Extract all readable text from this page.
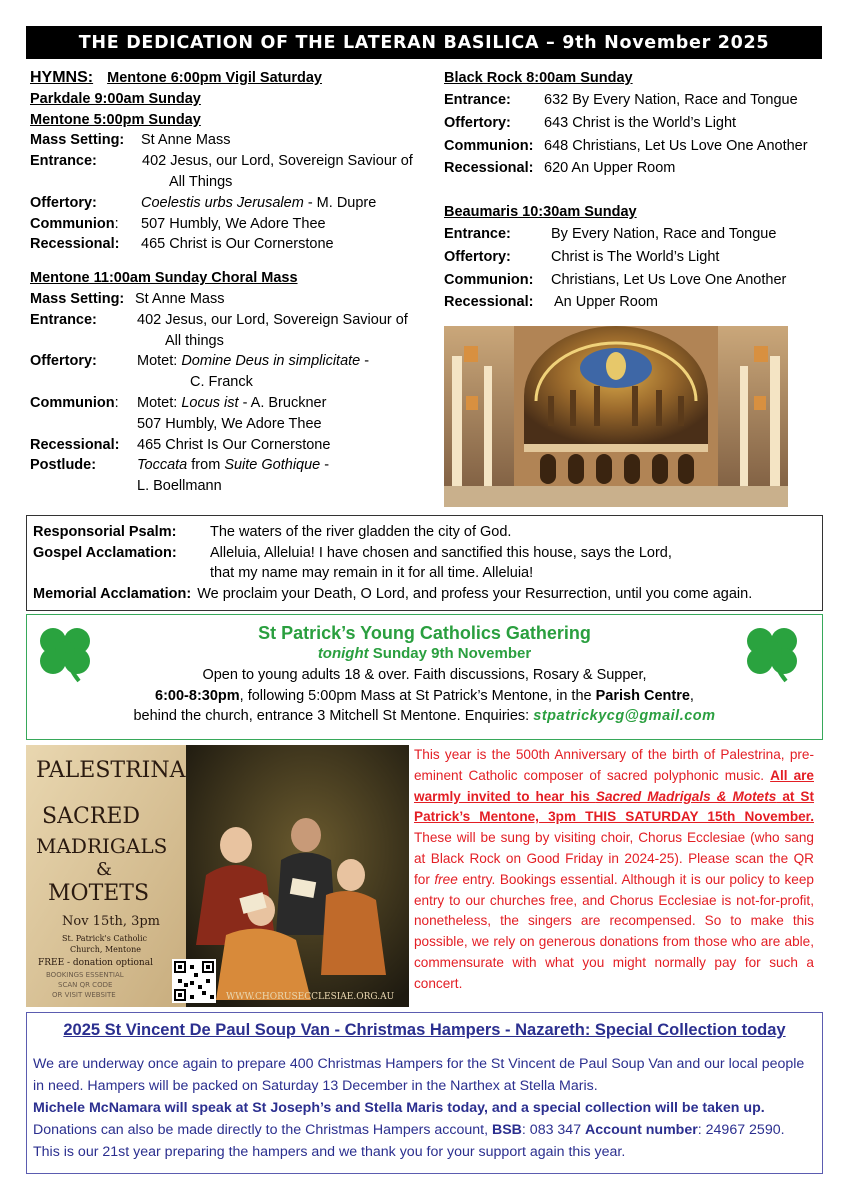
THE DEDICATION OF THE LATERAN BASILICA – 9th November 2025
HYMNS: Mentone 6:00pm Vigil Saturday
Parkdale 9:00am Sunday
Mentone 5:00pm Sunday
Mass Setting:	St Anne Mass
Entrance:	402 Jesus, our Lord, Sovereign Saviour of
All Things
Offertory:	Coelestis urbs Jerusalem - M. Dupre
Communion:	507 Humbly, We Adore Thee
Recessional:	465 Christ is Our Cornerstone
Mentone 11:00am Sunday Choral Mass
Mass Setting: St Anne Mass
Entrance:	402 Jesus, our Lord, Sovereign Saviour of
All things
Offertory:	Motet: Domine Deus in simplicitate -
C. Franck
Communion:	Motet: Locus ist - A. Bruckner
507 Humbly, We Adore Thee
Recessional:	465 Christ Is Our Cornerstone
Postlude:	Toccata from Suite Gothique -
L. Boellmann
Black Rock 8:00am Sunday
Entrance:	632 By Every Nation, Race and Tongue
Offertory:	643 Christ is the World’s Light
Communion: 648 Christians, Let Us Love One Another
Recessional: 620 An Upper Room
Beaumaris 10:30am Sunday
Entrance:	By Every Nation, Race and Tongue
Offertory:	Christ is The World’s Light
Communion:	Christians, Let Us Love One Another
Recessional:	An Upper Room
Responsorial Psalm:	The waters of the river gladden the city of God.
Gospel Acclamation:	Alleluia, Alleluia! I have chosen and sanctified this house, says the Lord,
that my name may remain in it for all time. Alleluia!
Memorial Acclamation: We proclaim your Death, O Lord, and profess your Resurrection, until you come again.
St Patrick’s Young Catholics Gathering
tonight Sunday 9th November
Open to young adults 18 & over. Faith discussions, Rosary & Supper,
6:00-8:30pm, following 5:00pm Mass at St Patrick’s Mentone, in the Parish Centre,
behind the church, entrance 3 Mitchell St Mentone. Enquiries: stpatrickycg@gmail.com
PALESTRINA
SACRED
MADRIGALS
&
MOTETS
Nov 15th, 3pm
St. Patrick's Catholic
Church, Mentone
FREE - donation optional
BOOKINGS ESSENTIAL
SCAN QR CODE
OR VISIT WEBSITE	WWW.CHORUSECCLESIAE.ORG.AU
This year is the 500th Anniversary of the birth of Palestrina, pre-eminent Catholic composer of sacred polyphonic music. All are warmly invited to hear his Sacred Madrigals & Motets at St Patrick’s Mentone, 3pm THIS SATURDAY 15th November. These will be sung by visiting choir, Chorus Ecclesiae (who sang at Black Rock on Good Friday in 2024-25). Please scan the QR for free entry. Bookings essential. Although it is our policy to keep entry to our churches free, and Chorus Ecclesiae is not-for-profit, nonetheless, the singers are recompensed. So to make this possible, we rely on generous donations from those who are able, commensurate with what you might normally pay for such a concert.
2025 St Vincent De Paul Soup Van - Christmas Hampers - Nazareth: Special Collection today
We are underway once again to prepare 400 Christmas Hampers for the St Vincent de Paul Soup Van and our local people in need. Hampers will be packed on Saturday 13 December in the Narthex at Stella Maris.
Michele McNamara will speak at St Joseph’s and Stella Maris today, and a special collection will be taken up.
Donations can also be made directly to the Christmas Hampers account, BSB: 083 347 Account number: 24967 2590.
This is our 21st year preparing the hampers and we thank you for your support again this year.
